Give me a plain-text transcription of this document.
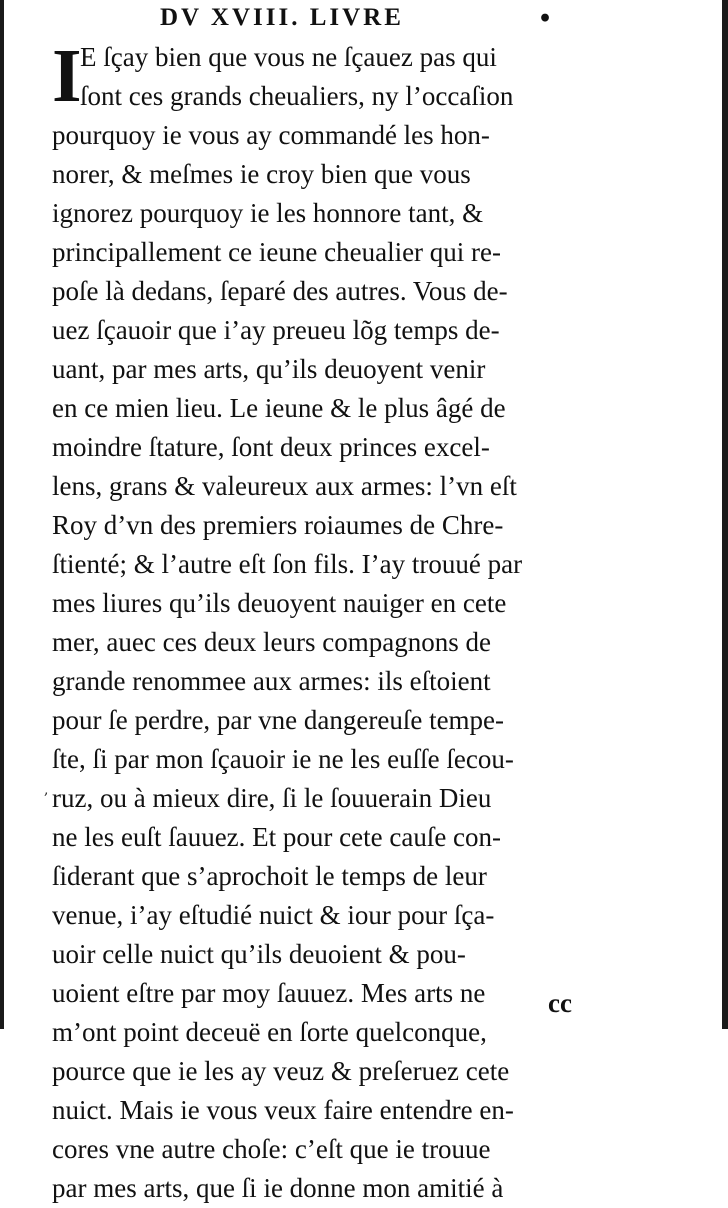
DV XVIII. LIVRE	•
I
E ſçay bien que vous ne ſçauez pas qui
ſont ces grands cheualiers, ny l’occaſion
pourquoy ie vous ay commandé les hon-
norer, & meſmes ie croy bien que vous
ignorez pourquoy ie les honnore tant, &
principallement ce ieune cheualier qui re-
poſe là dedans, ſeparé des autres. Vous de-
uez ſçauoir que i’ay preueu lõg temps de-
uant, par mes arts, qu’ils deuoyent venir
en ce mien lieu. Le ieune & le plus âgé de
moindre ſtature, ſont deux princes excel-
lens, grans & valeureux aux armes: l’vn eſt
Roy d’vn des premiers roiaumes de Chre-
ſtienté; & l’autre eſt ſon fils. I’ay trouué par
mes liures qu’ils deuoyent nauiger en cete
mer, auec ces deux leurs compagnons de
grande renommee aux armes: ils eſtoient
pour ſe perdre, par vne dangereuſe tempe-
ſte, ſi par mon ſçauoir ie ne les euſſe ſecou-
ruz, ou à mieux dire, ſi le ſouuerain Dieu
ne les euſt ſauuez. Et pour cete cauſe con-
ſiderant que s’aprochoit le temps de leur
venue, i’ay eſtudié nuict & iour pour ſça-
uoir celle nuict qu’ils deuoient & pou-
uoient eſtre par moy ſauuez. Mes arts ne
m’ont point deceuë en ſorte quelconque,
pource que ie les ay veuz & preſeruez cete
nuict. Mais ie vous veux faire entendre en-
cores vne autre choſe: c’eſt que ie trouue
par mes arts, que ſi ie donne mon amitié à
,
cc
